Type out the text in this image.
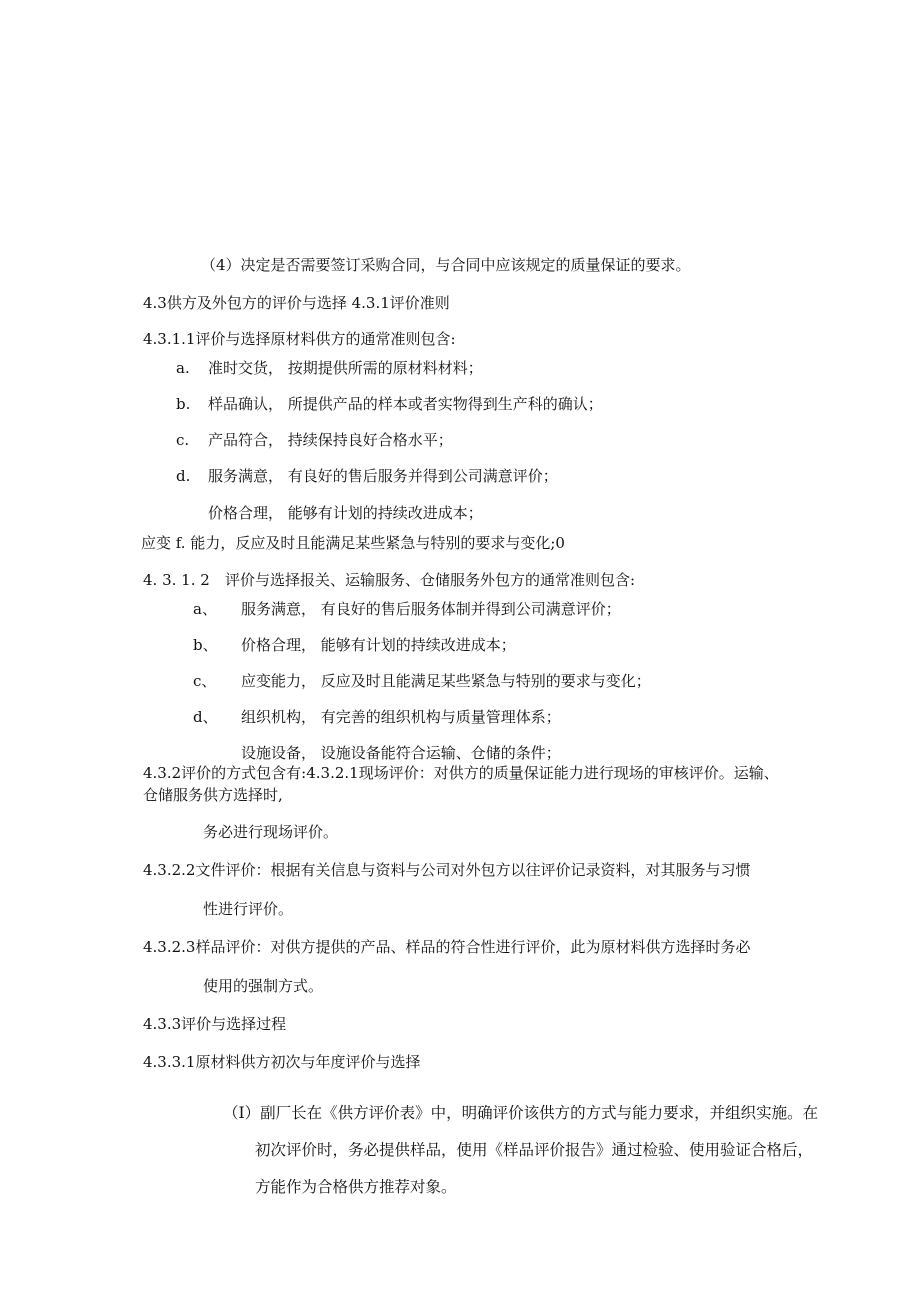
（4）决定是否需要签订采购合同，与合同中应该规定的质量保证的要求。
4.3供方及外包方的评价与选择 4.3.1评价准则
4.3.1.1评价与选择原材料供方的通常准则包含:
a. 准时交货， 按期提供所需的原材料材料；
b. 样品确认， 所提供产品的样本或者实物得到生产科的确认；
c. 产品符合， 持续保持良好合格水平；
d. 服务满意， 有良好的售后服务并得到公司满意评价；
价格合理， 能够有计划的持续改进成本；
应变 f. 能力，反应及时且能满足某些紧急与特别的要求与变化;0
4. 3. 1. 2 评价与选择报关、运输服务、仓储服务外包方的通常准则包含:
a、 服务满意， 有良好的售后服务体制并得到公司满意评价；
b、 价格合理， 能够有计划的持续改进成本；
c、 应变能力， 反应及时且能满足某些紧急与特别的要求与变化；
d、 组织机构， 有完善的组织机构与质量管理体系；
设施设备， 设施设备能符合运输、仓储的条件；
4.3.2评价的方式包含有:4.3.2.1现场评价：对供方的质量保证能力进行现场的审核评价。运输、
仓储服务供方选择时,
务必进行现场评价。
4.3.2.2文件评价：根据有关信息与资料与公司对外包方以往评价记录资料，对其服务与习惯
性进行评价。
4.3.2.3样品评价：对供方提供的产品、样品的符合性进行评价，此为原材料供方选择时务必
使用的强制方式。
4.3.3评价与选择过程
4.3.3.1原材料供方初次与年度评价与选择
（I）副厂长在《供方评价表》中，明确评价该供方的方式与能力要求，并组织实施。在
初次评价时，务必提供样品，使用《样品评价报告》通过检验、使用验证合格后，
方能作为合格供方推荐对象。
